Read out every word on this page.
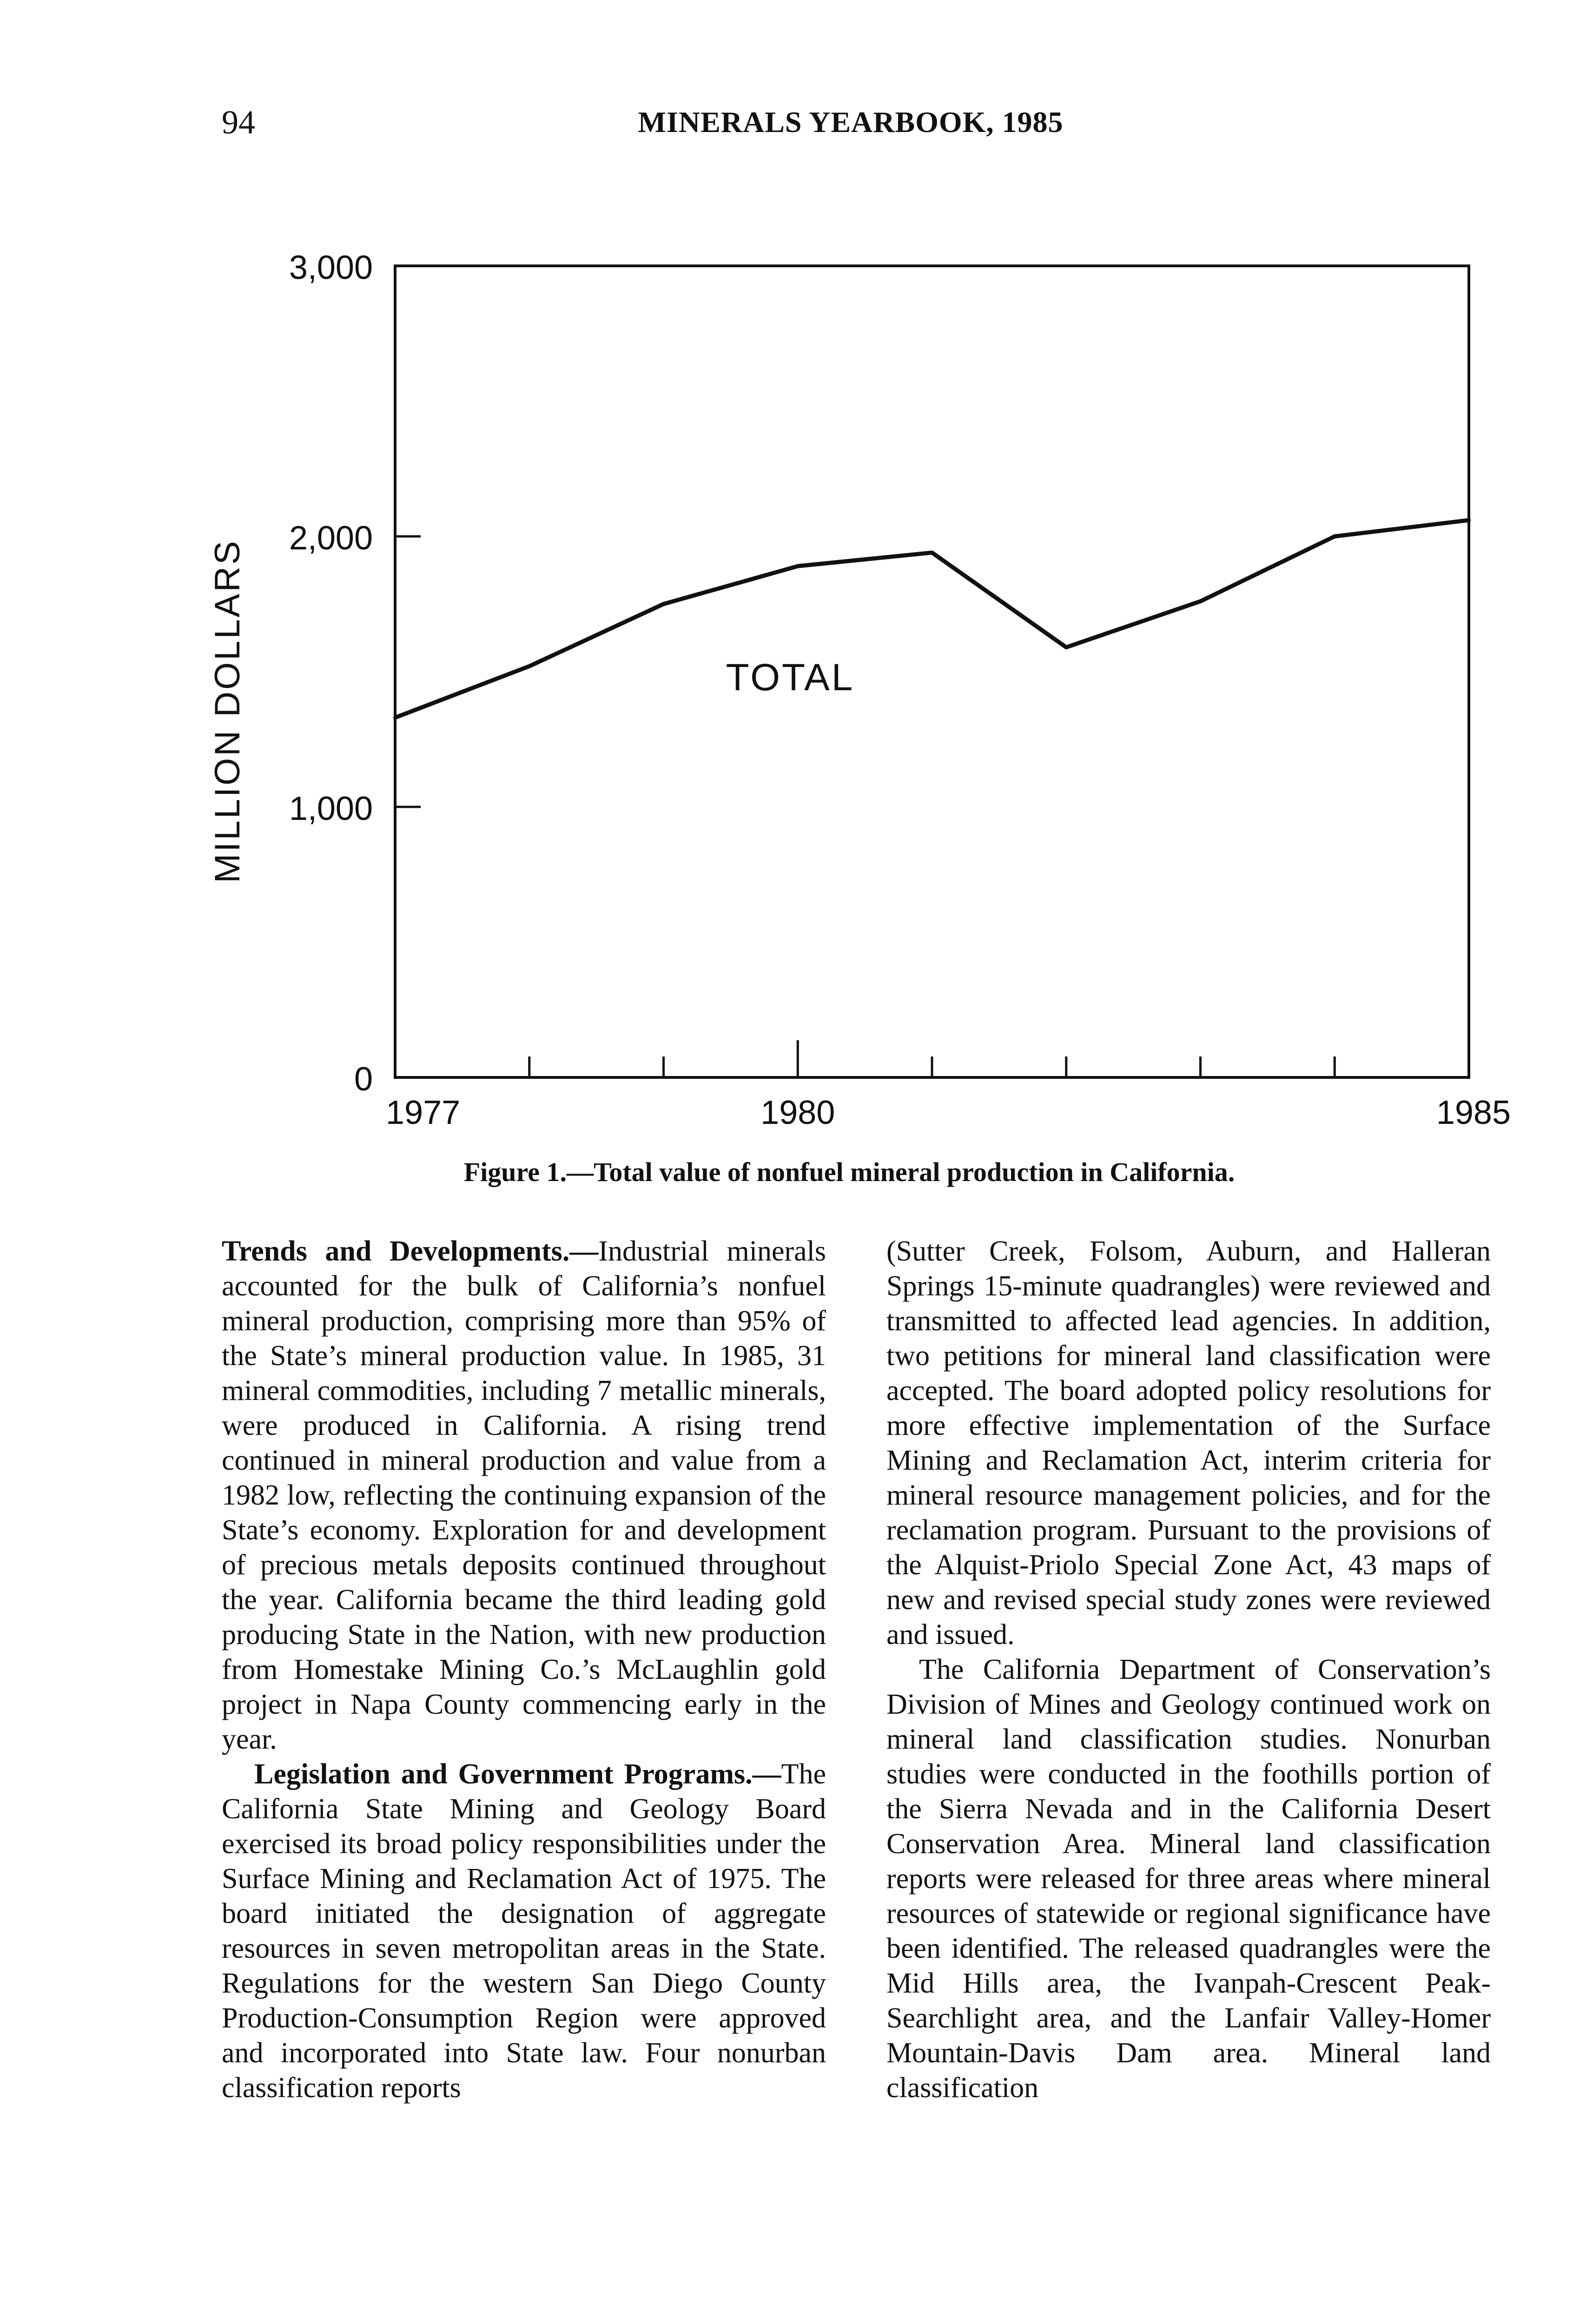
94	MINERALS YEARBOOK, 1985
0
1,000
2,000
3,000
1977	1980	1985
MILLION DOLLARS	TOTAL
Figure 1.—Total value of nonfuel mineral production in California.

Trends and Developments.—Industrial minerals accounted for the bulk of California’s nonfuel mineral production, comprising more than 95% of the State’s mineral production value. In 1985, 31 mineral commodities, including 7 metallic minerals, were produced in California. A rising trend continued in mineral production and value from a 1982 low, reflecting the continuing expansion of the State’s economy. Exploration for and development of precious metals deposits continued throughout the year. California became the third leading gold producing State in the Nation, with new production from Homestake Mining Co.’s McLaughlin gold project in Napa County commencing early in the year.

Legislation and Government Programs.—The California State Mining and Geology Board exercised its broad policy responsibilities under the Surface Mining and Reclamation Act of 1975. The board initiated the designation of aggregate resources in seven metropolitan areas in the State. Regulations for the western San Diego County Production-Consumption Region were approved and incorporated into State law. Four nonurban classification reports

(Sutter Creek, Folsom, Auburn, and Halleran Springs 15-minute quadrangles) were reviewed and transmitted to affected lead agencies. In addition, two petitions for mineral land classification were accepted. The board adopted policy resolutions for more effective implementation of the Surface Mining and Reclamation Act, interim criteria for mineral resource management policies, and for the reclamation program. Pursuant to the provisions of the Alquist-Priolo Special Zone Act, 43 maps of new and revised special study zones were reviewed and issued.

The California Department of Conservation’s Division of Mines and Geology continued work on mineral land classification studies. Nonurban studies were conducted in the foothills portion of the Sierra Nevada and in the California Desert Conservation Area. Mineral land classification reports were released for three areas where mineral resources of statewide or regional significance have been identified. The released quadrangles were the Mid Hills area, the Ivanpah-Crescent Peak-Searchlight area, and the Lanfair Valley-Homer Mountain-Davis Dam area. Mineral land classification
